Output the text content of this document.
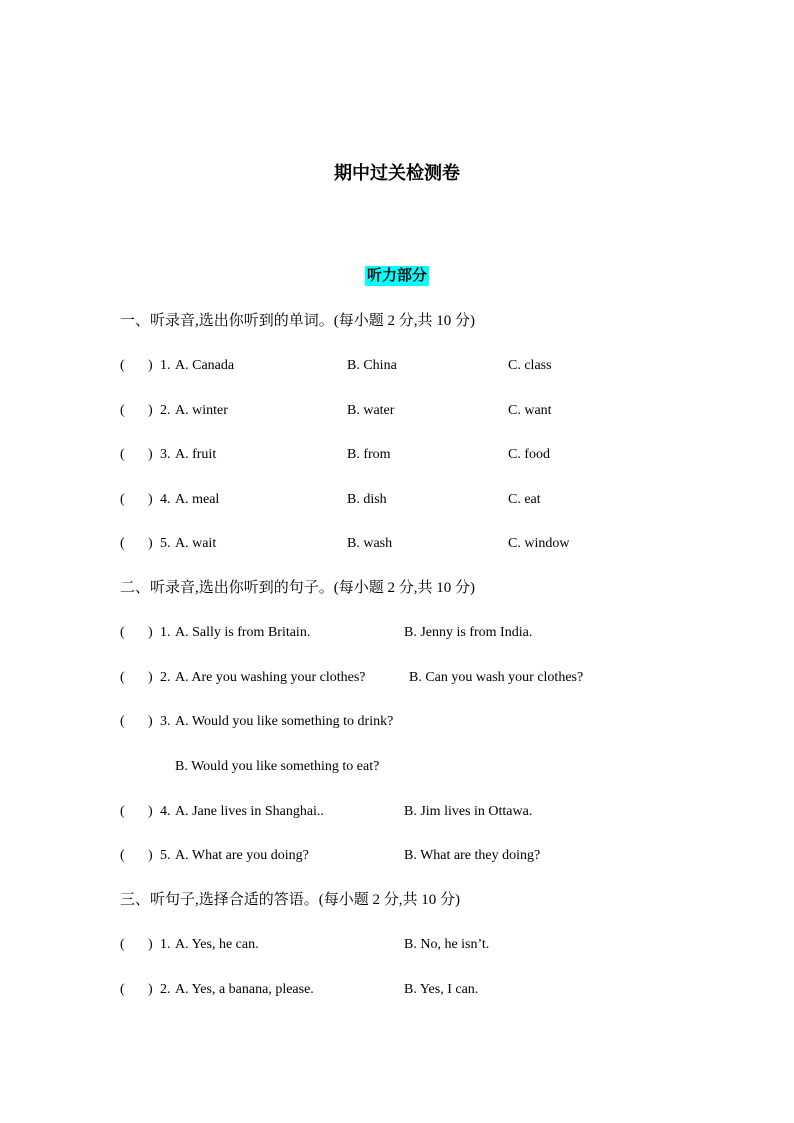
期中过关检测卷
听力部分
一、听录音,选出你听到的单词。(每小题 2 分,共 10 分)
( ) 1. A. Canada	B. China	C. class
( ) 2. A. winter	B. water	C. want
( ) 3. A. fruit	B. from	C. food
( ) 4. A. meal	B. dish	C. eat
( ) 5. A. wait	B. wash	C. window
二、听录音,选出你听到的句子。(每小题 2 分,共 10 分)
( ) 1. A. Sally is from Britain.	B. Jenny is from India.
( ) 2. A. Are you washing your clothes?	B. Can you wash your clothes?
( ) 3. A. Would you like something to drink?
B. Would you like something to eat?
( ) 4. A. Jane lives in Shanghai..	B. Jim lives in Ottawa.
( ) 5. A. What are you doing?	B. What are they doing?
三、听句子,选择合适的答语。(每小题 2 分,共 10 分)
( ) 1. A. Yes, he can.	B. No, he isn’t.
( ) 2. A. Yes, a banana, please.	B. Yes, I can.
